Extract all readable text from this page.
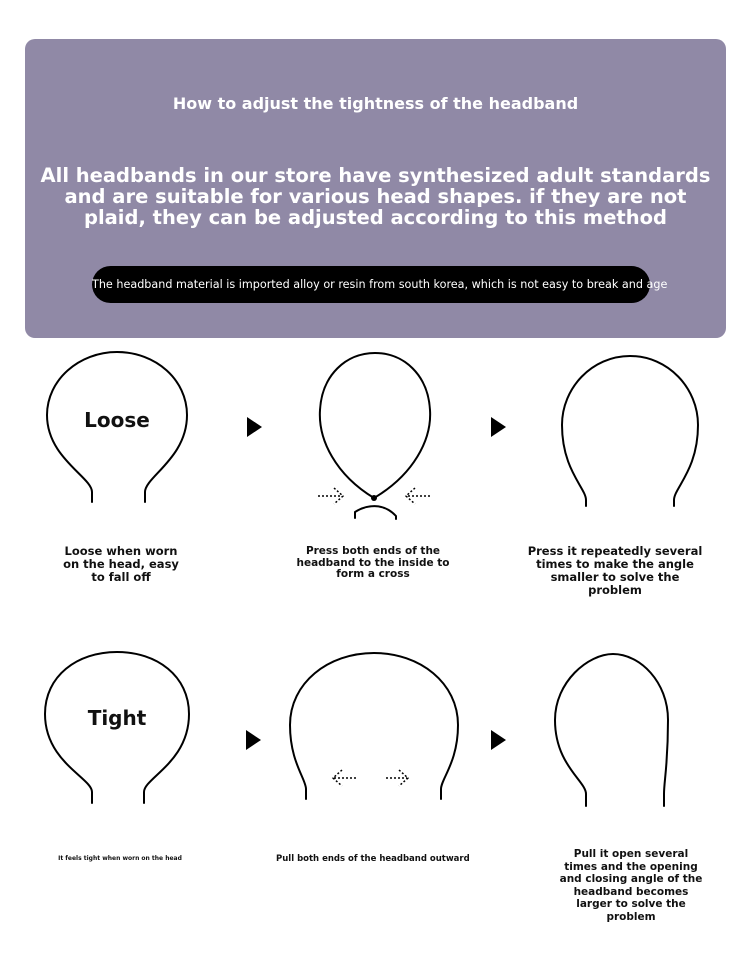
How to adjust the tightness of the headband
All headbands in our store have synthesized adult standards and are suitable for various head shapes. if they are not plaid, they can be adjusted according to this method
The headband material is imported alloy or resin from south korea, which is not easy to break and age
Loose
Loose when worn on the head, easy to fall off
Press both ends of the headband to the inside to form a cross
Press it repeatedly several times to make the angle smaller to solve the problem
Tight
It feels tight when worn on the head	Pull both ends of the headband outward	Pull it open several times and the opening and closing angle of the headband becomes larger to solve the problem
